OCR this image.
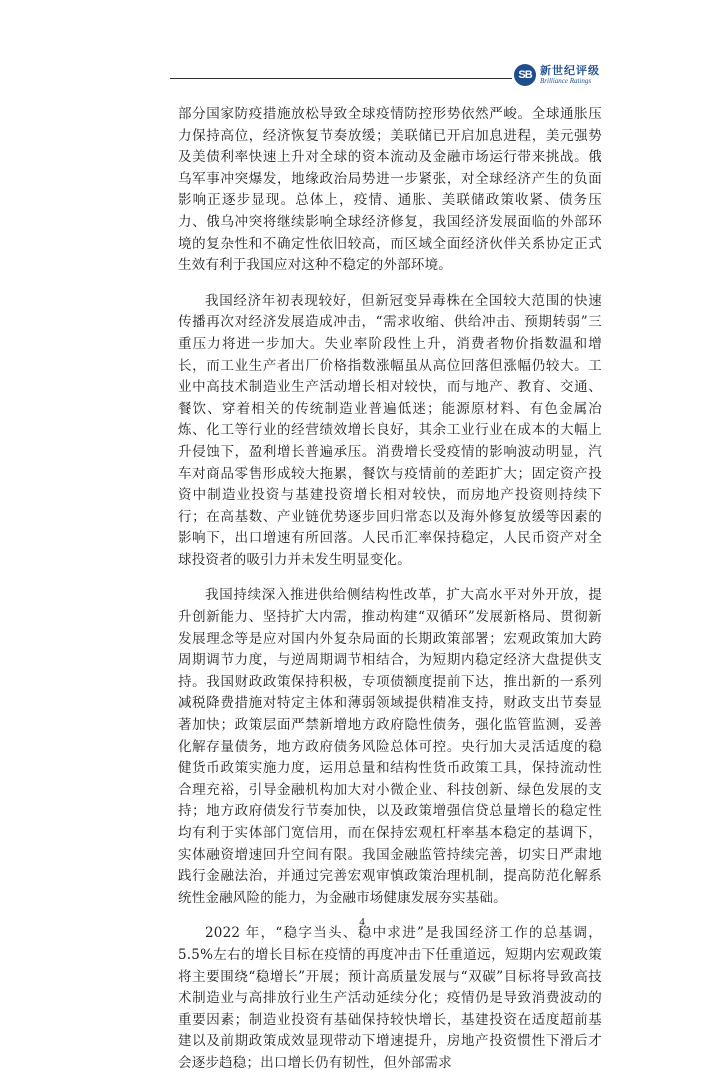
SB 新世纪评级
Brilliance Ratings

部分国家防疫措施放松导致全球疫情防控形势依然严峻。全球通胀压力保持高位，经济恢复节奏放缓；美联储已开启加息进程，美元强势及美债利率快速上升对全球的资本流动及金融市场运行带来挑战。俄乌军事冲突爆发，地缘政治局势进一步紧张，对全球经济产生的负面影响正逐步显现。总体上，疫情、通胀、美联储政策收紧、债务压力、俄乌冲突将继续影响全球经济修复，我国经济发展面临的外部环境的复杂性和不确定性依旧较高，而区域全面经济伙伴关系协定正式生效有利于我国应对这种不稳定的外部环境。

我国经济年初表现较好，但新冠变异毒株在全国较大范围的快速传播再次对经济发展造成冲击，“需求收缩、供给冲击、预期转弱”三重压力将进一步加大。失业率阶段性上升，消费者物价指数温和增长，而工业生产者出厂价格指数涨幅虽从高位回落但涨幅仍较大。工业中高技术制造业生产活动增长相对较快，而与地产、教育、交通、餐饮、穿着相关的传统制造业普遍低迷；能源原材料、有色金属冶炼、化工等行业的经营绩效增长良好，其余工业行业在成本的大幅上升侵蚀下，盈利增长普遍承压。消费增长受疫情的影响波动明显，汽车对商品零售形成较大拖累，餐饮与疫情前的差距扩大；固定资产投资中制造业投资与基建投资增长相对较快，而房地产投资则持续下行；在高基数、产业链优势逐步回归常态以及海外修复放缓等因素的影响下，出口增速有所回落。人民币汇率保持稳定，人民币资产对全球投资者的吸引力并未发生明显变化。

我国持续深入推进供给侧结构性改革，扩大高水平对外开放，提升创新能力、坚持扩大内需，推动构建“双循环”发展新格局、贯彻新发展理念等是应对国内外复杂局面的长期政策部署；宏观政策加大跨周期调节力度，与逆周期调节相结合，为短期内稳定经济大盘提供支持。我国财政政策保持积极，专项债额度提前下达，推出新的一系列减税降费措施对特定主体和薄弱领域提供精准支持，财政支出节奏显著加快；政策层面严禁新增地方政府隐性债务，强化监管监测，妥善化解存量债务，地方政府债务风险总体可控。央行加大灵活适度的稳健货币政策实施力度，运用总量和结构性货币政策工具，保持流动性合理充裕，引导金融机构加大对小微企业、科技创新、绿色发展的支持；地方政府债发行节奏加快，以及政策增强信贷总量增长的稳定性均有利于实体部门宽信用，而在保持宏观杠杆率基本稳定的基调下，实体融资增速回升空间有限。我国金融监管持续完善，切实日严肃地践行金融法治，并通过完善宏观审慎政策治理机制，提高防范化解系统性金融风险的能力，为金融市场健康发展夯实基础。

2022 年，“稳字当头、稳中求进”是我国经济工作的总基调，5.5%左右的增长目标在疫情的再度冲击下任重道远，短期内宏观政策将主要围绕“稳增长”开展；预计高质量发展与“双碳”目标将导致高技术制造业与高排放行业生产活动延续分化；疫情仍是导致消费波动的重要因素；制造业投资有基础保持较快增长，基建投资在适度超前基建以及前期政策成效显现带动下增速提升，房地产投资惯性下滑后才会逐步趋稳；出口增长仍有韧性，但外部需求

4
